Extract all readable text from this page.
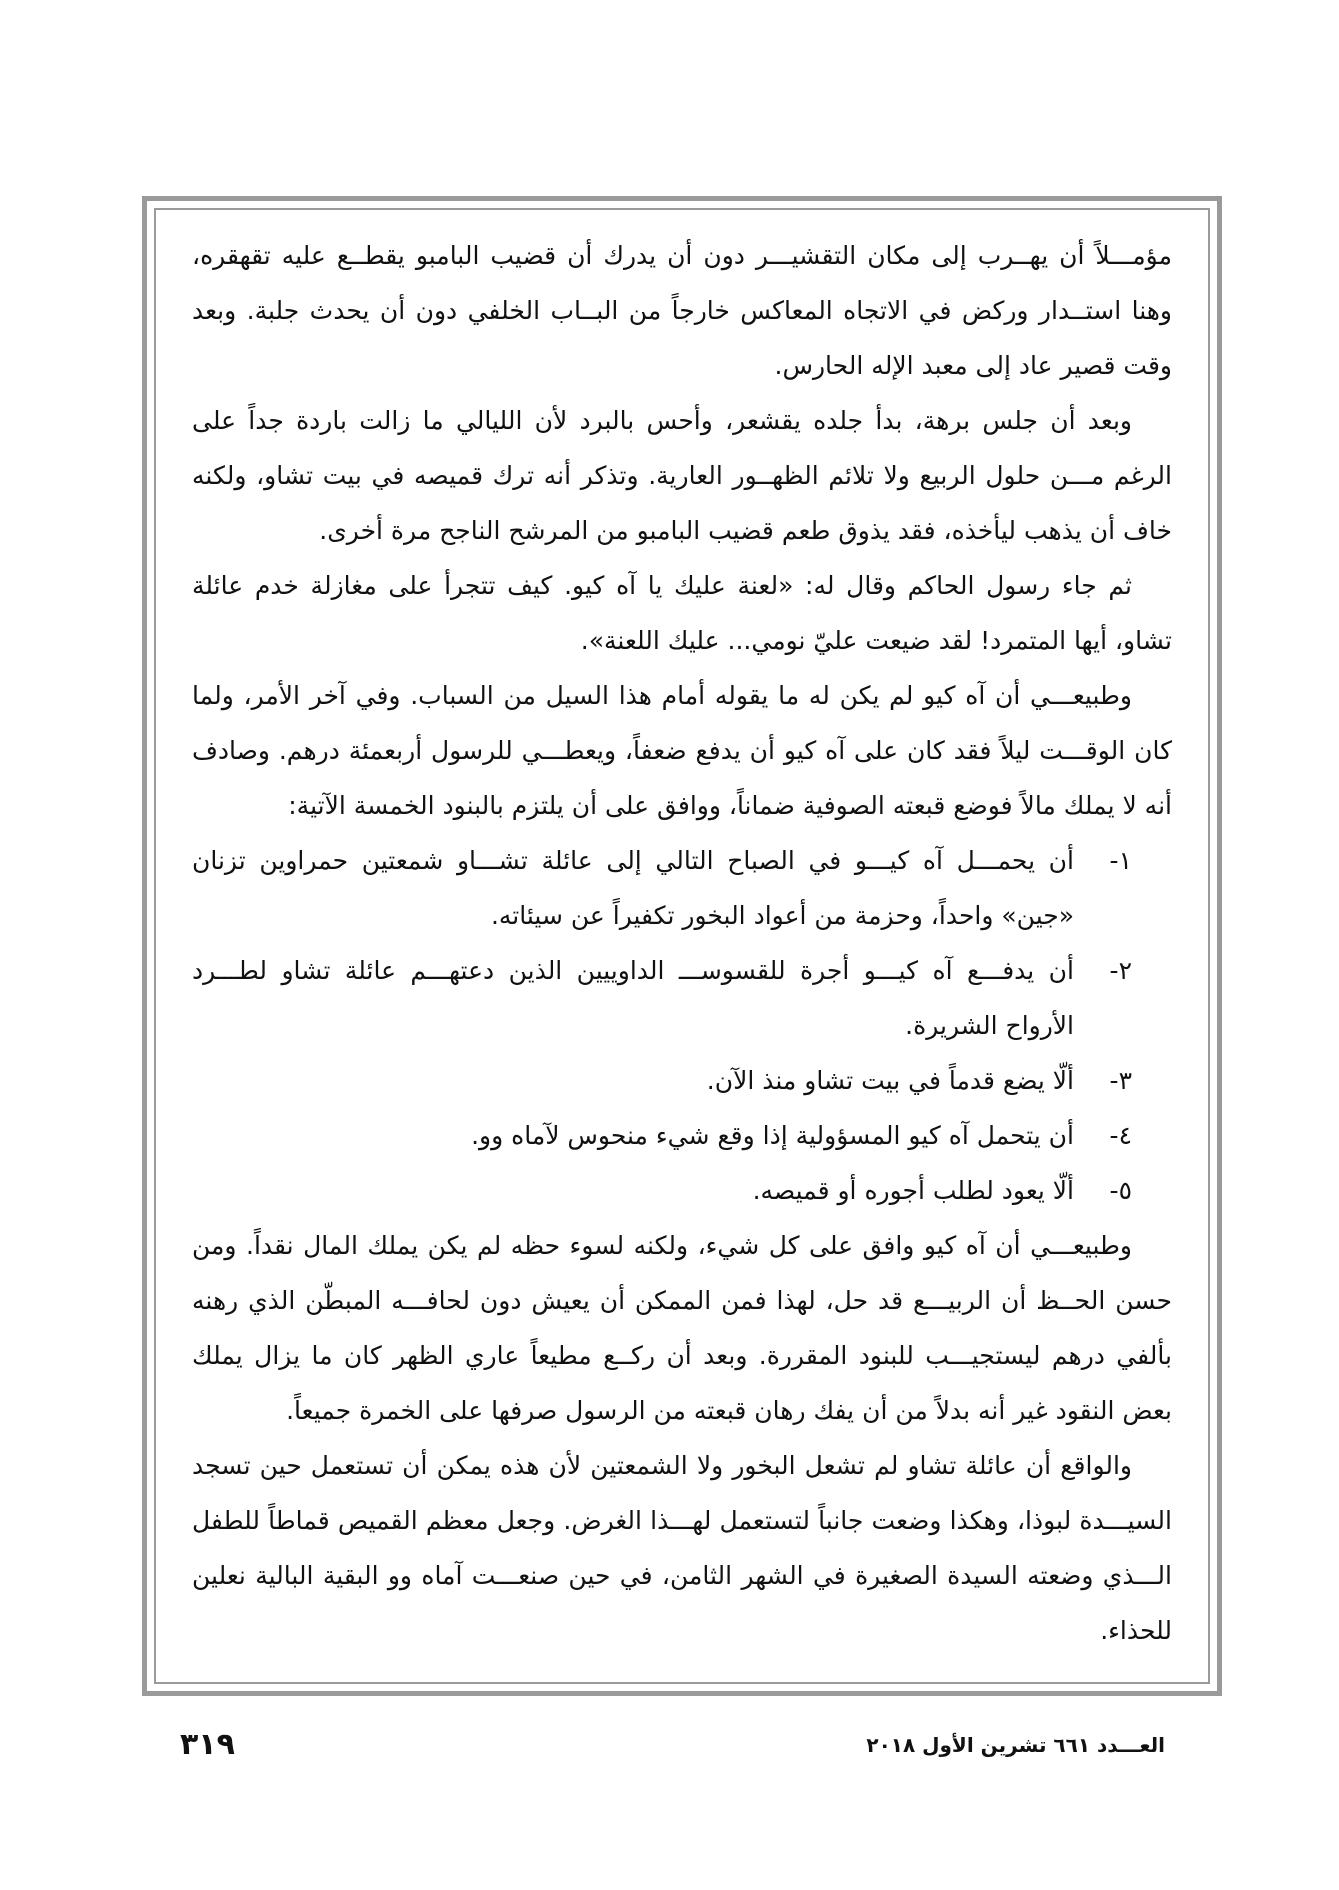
مؤمـــلاً أن يهــرب إلى مكان التقشيـــر دون أن يدرك أن قضيب البامبو يقطــع عليه تقهقره، وهنا استــدار وركض في الاتجاه المعاكس خارجاً من البــاب الخلفي دون أن يحدث جلبة. وبعد وقت قصير عاد إلى معبد الإله الحارس.

وبعد أن جلس برهة، بدأ جلده يقشعر، وأحس بالبرد لأن الليالي ما زالت باردة جداً على الرغم مـــن حلول الربيع ولا تلائم الظهــور العارية. وتذكر أنه ترك قميصه في بيت تشاو، ولكنه خاف أن يذهب ليأخذه، فقد يذوق طعم قضيب البامبو من المرشح الناجح مرة أخرى.

ثم جاء رسول الحاكم وقال له: «لعنة عليك يا آه كيو. كيف تتجرأ على مغازلة خدم عائلة تشاو، أيها المتمرد! لقد ضيعت عليّ نومي... عليك اللعنة».

وطبيعـــي أن آه كيو لم يكن له ما يقوله أمام هذا السيل من السباب. وفي آخر الأمر، ولما كان الوقـــت ليلاً فقد كان على آه كيو أن يدفع ضعفاً، ويعطـــي للرسول أربعمئة درهم. وصادف أنه لا يملك مالاً فوضع قبعته الصوفية ضماناً، ووافق على أن يلتزم بالبنود الخمسة الآتية:

١-
أن يحمـــل آه كيـــو في الصباح التالي إلى عائلة تشـــاو شمعتين حمراوين تزنان «جين» واحداً، وحزمة من أعواد البخور تكفيراً عن سيئاته.
٢-
أن يدفـــع آه كيـــو أجرة للقسوســـ الداوييين الذين دعتهـــم عائلة تشاو لطـــرد الأرواح الشريرة.
٣-
ألّا يضع قدماً في بيت تشاو منذ الآن.
٤-
أن يتحمل آه كيو المسؤولية إذا وقع شيء منحوس لآماه وو.
٥-
ألّا يعود لطلب أجوره أو قميصه.

وطبيعـــي أن آه كيو وافق على كل شيء، ولكنه لسوء حظه لم يكن يملك المال نقداً. ومن حسن الحــظ أن الربيـــع قد حل، لهذا فمن الممكن أن يعيش دون لحافـــه المبطّن الذي رهنه بألفي درهم ليستجيـــب للبنود المقررة. وبعد أن ركــع مطيعاً عاري الظهر كان ما يزال يملك بعض النقود غير أنه بدلاً من أن يفك رهان قبعته من الرسول صرفها على الخمرة جميعاً.

والواقع أن عائلة تشاو لم تشعل البخور ولا الشمعتين لأن هذه يمكن أن تستعمل حين تسجد السيـــدة لبوذا، وهكذا وضعت جانباً لتستعمل لهـــذا الغرض. وجعل معظم القميص قماطاً للطفل الـــذي وضعته السيدة الصغيرة في الشهر الثامن، في حين صنعـــت آماه وو البقية البالية نعلين للحذاء.

٣١٩	العـــدد ٦٦١ تشرين الأول ٢٠١٨
